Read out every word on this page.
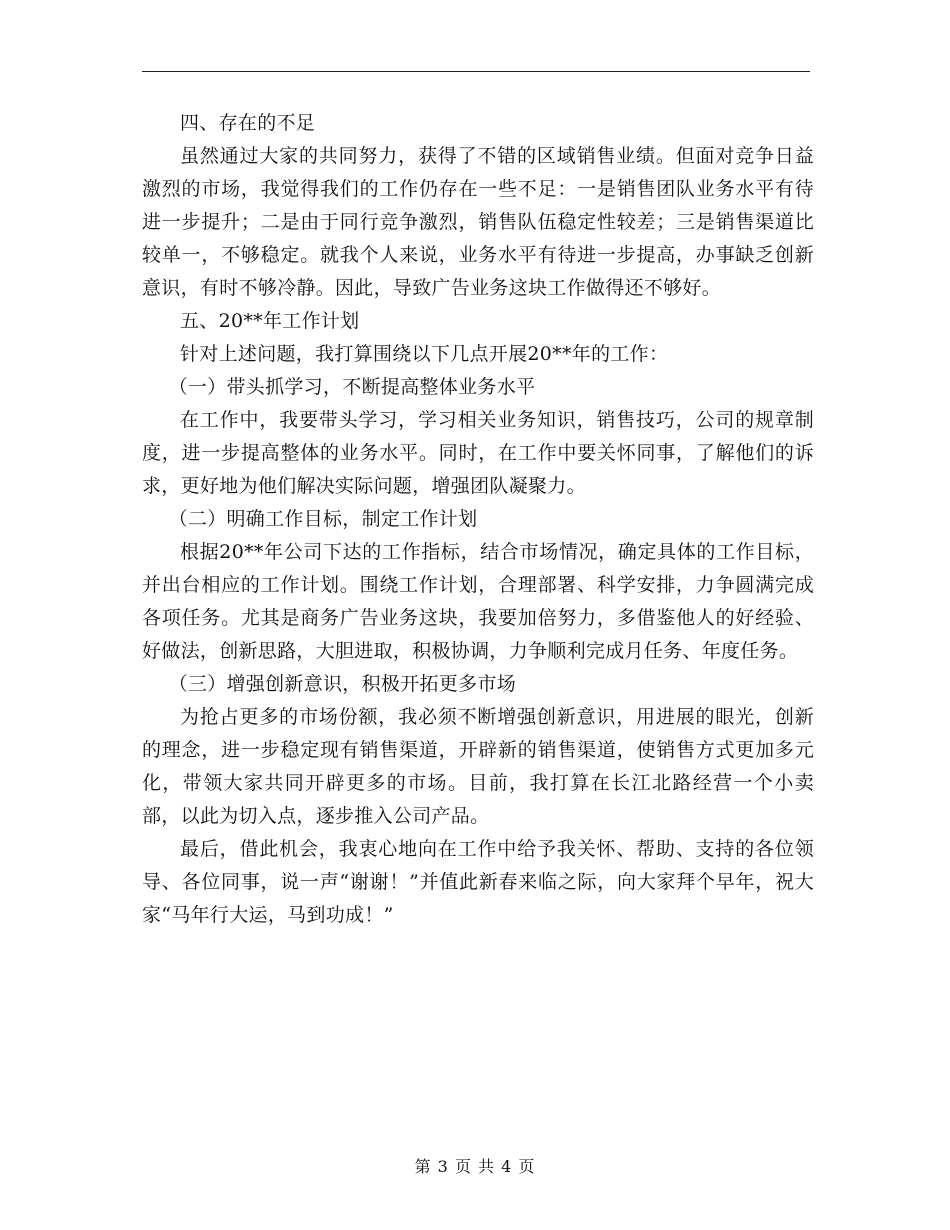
四、存在的不足

虽然通过大家的共同努力，获得了不错的区域销售业绩。但面对竞争日益激烈的市场，我觉得我们的工作仍存在一些不足：一是销售团队业务水平有待进一步提升；二是由于同行竞争激烈，销售队伍稳定性较差；三是销售渠道比较单一，不够稳定。就我个人来说，业务水平有待进一步提高，办事缺乏创新意识，有时不够冷静。因此，导致广告业务这块工作做得还不够好。

五、20**年工作计划

针对上述问题，我打算围绕以下几点开展20**年的工作：

（一）带头抓学习，不断提高整体业务水平

在工作中，我要带头学习，学习相关业务知识，销售技巧，公司的规章制度，进一步提高整体的业务水平。同时，在工作中要关怀同事，了解他们的诉求，更好地为他们解决实际问题，增强团队凝聚力。

（二）明确工作目标，制定工作计划

根据20**年公司下达的工作指标，结合市场情况，确定具体的工作目标，并出台相应的工作计划。围绕工作计划，合理部署、科学安排，力争圆满完成各项任务。尤其是商务广告业务这块，我要加倍努力，多借鉴他人的好经验、好做法，创新思路，大胆进取，积极协调，力争顺利完成月任务、年度任务。

（三）增强创新意识，积极开拓更多市场

为抢占更多的市场份额，我必须不断增强创新意识，用进展的眼光，创新的理念，进一步稳定现有销售渠道，开辟新的销售渠道，使销售方式更加多元化，带领大家共同开辟更多的市场。目前，我打算在长江北路经营一个小卖部，以此为切入点，逐步推入公司产品。

最后，借此机会，我衷心地向在工作中给予我关怀、帮助、支持的各位领导、各位同事，说一声“谢谢！”并值此新春来临之际，向大家拜个早年，祝大家“马年行大运，马到功成！”

第 3 页 共 4 页
